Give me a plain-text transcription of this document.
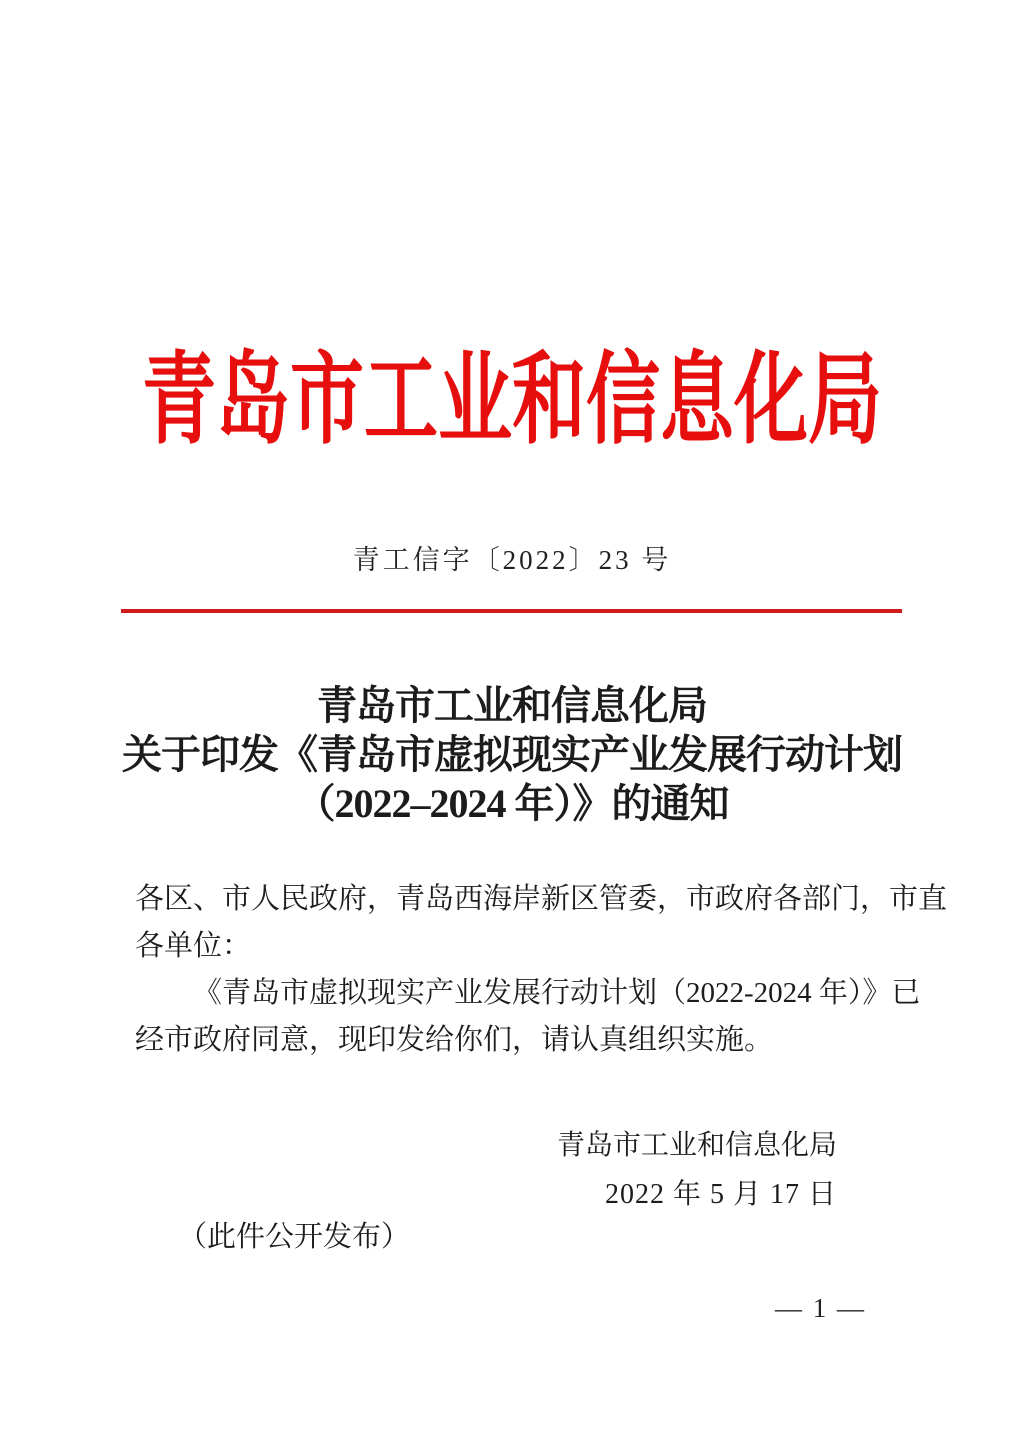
青岛市工业和信息化局
青工信字〔2022〕23 号
青岛市工业和信息化局
关于印发《青岛市虚拟现实产业发展行动计划
（2022–2024 年）》的通知
各区、市人民政府，青岛西海岸新区管委，市政府各部门，市直
各单位：
《青岛市虚拟现实产业发展行动计划（2022-2024 年）》已
经市政府同意，现印发给你们，请认真组织实施。
青岛市工业和信息化局
2022 年 5 月 17 日
（此件公开发布）
— 1 —
